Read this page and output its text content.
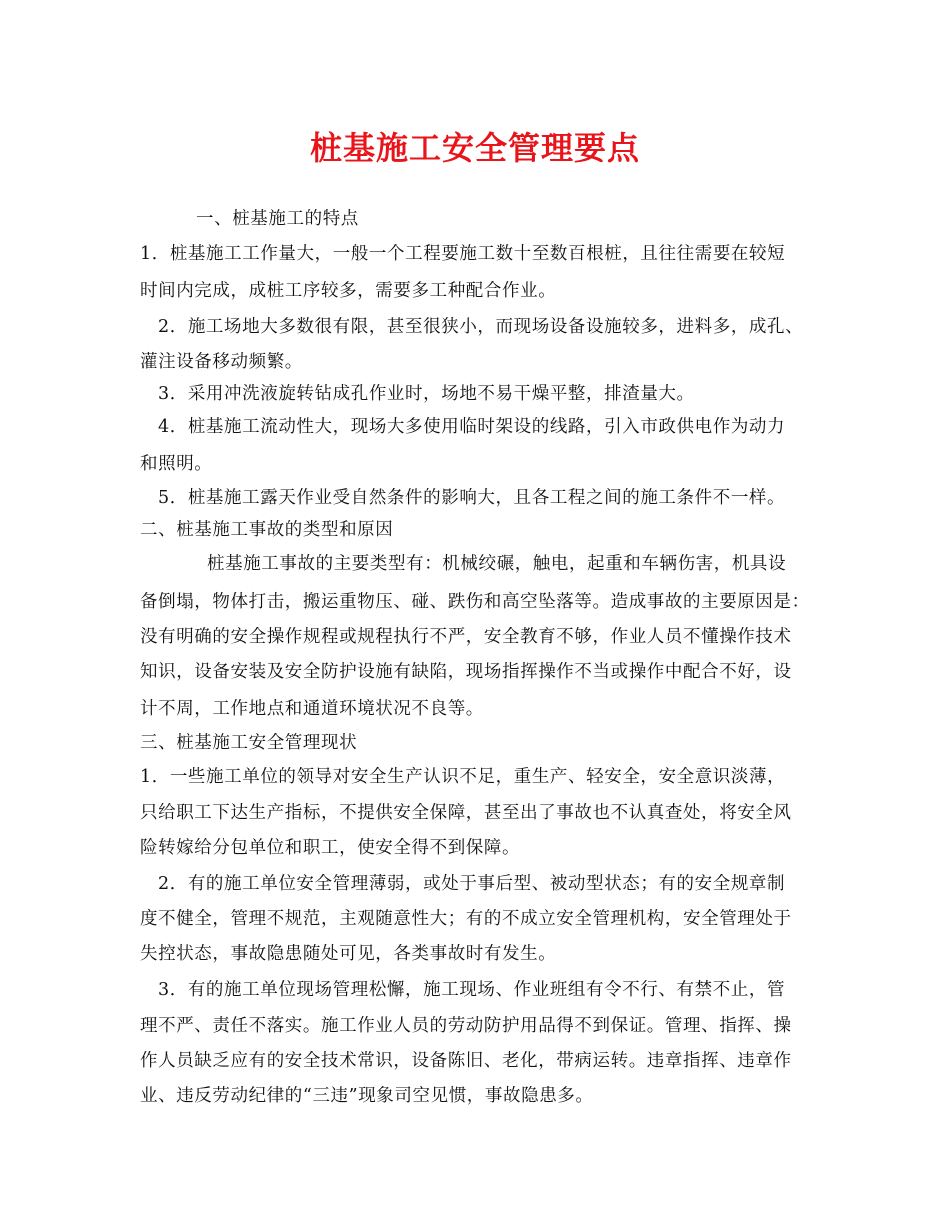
桩基施工安全管理要点
一、桩基施工的特点
1．桩基施工工作量大，一般一个工程要施工数十至数百根桩，且往往需要在较短
时间内完成，成桩工序较多，需要多工种配合作业。
2．施工场地大多数很有限，甚至很狭小，而现场设备设施较多，进料多，成孔、
灌注设备移动频繁。
3．采用冲洗液旋转钻成孔作业时，场地不易干燥平整，排渣量大。
4．桩基施工流动性大，现场大多使用临时架设的线路，引入市政供电作为动力
和照明。
5．桩基施工露天作业受自然条件的影响大，且各工程之间的施工条件不一样。
二、桩基施工事故的类型和原因
桩基施工事故的主要类型有：机械绞碾，触电，起重和车辆伤害，机具设
备倒塌，物体打击，搬运重物压、碰、跌伤和高空坠落等。造成事故的主要原因是：
没有明确的安全操作规程或规程执行不严，安全教育不够，作业人员不懂操作技术
知识，设备安装及安全防护设施有缺陷，现场指挥操作不当或操作中配合不好，设
计不周，工作地点和通道环境状况不良等。
三、桩基施工安全管理现状
1．一些施工单位的领导对安全生产认识不足，重生产、轻安全，安全意识淡薄，
只给职工下达生产指标，不提供安全保障，甚至出了事故也不认真查处，将安全风
险转嫁给分包单位和职工，使安全得不到保障。
2．有的施工单位安全管理薄弱，或处于事后型、被动型状态；有的安全规章制
度不健全，管理不规范，主观随意性大；有的不成立安全管理机构，安全管理处于
失控状态，事故隐患随处可见，各类事故时有发生。
3．有的施工单位现场管理松懈，施工现场、作业班组有令不行、有禁不止，管
理不严、责任不落实。施工作业人员的劳动防护用品得不到保证。管理、指挥、操
作人员缺乏应有的安全技术常识，设备陈旧、老化，带病运转。违章指挥、违章作
业、违反劳动纪律的“三违”现象司空见惯，事故隐患多。
